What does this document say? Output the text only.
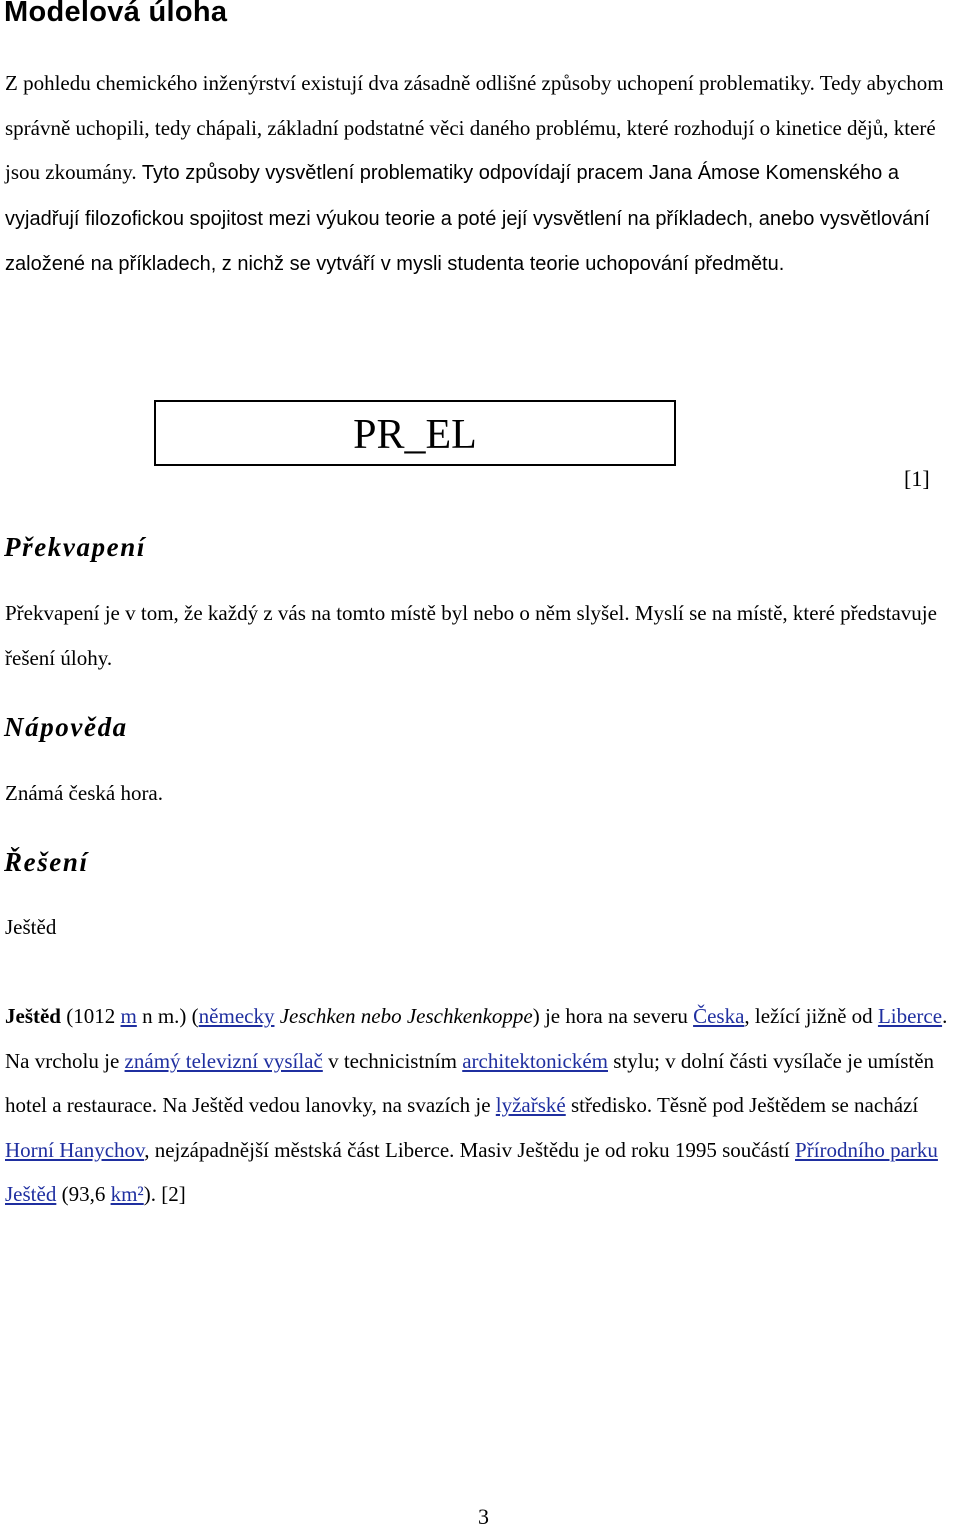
Modelová úloha

Z pohledu chemického inženýrství existují dva zásadně odlišné způsoby uchopení problematiky. Tedy abychom správně uchopili, tedy chápali, základní podstatné věci daného problému, které rozhodují o kinetice dějů, které jsou zkoumány. Tyto způsoby vysvětlení problematiky odpovídají pracem Jana Ámose Komenského a vyjadřují filozofickou spojitost mezi výukou teorie a poté její vysvětlení na příkladech, anebo vysvětlování založené na příkladech, z nichž se vytváří v mysli studenta teorie uchopování předmětu.

PR_EL
[1]
Překvapení

Překvapení je v tom, že každý z vás na tomto místě byl nebo o něm slyšel. Myslí se na místě, které představuje řešení úlohy.

Nápověda

Známá česká hora.

Řešení

Ještěd

Ještěd (1012 m n m.) (německy Jeschken nebo Jeschkenkoppe) je hora na severu Česka, ležící jižně od Liberce. Na vrcholu je známý televizní vysílač v technicistním architektonickém stylu; v dolní části vysílače je umístěn hotel a restaurace. Na Ještěd vedou lanovky, na svazích je lyžařské středisko. Těsně pod Ještědem se nachází Horní Hanychov, nejzápadnější městská část Liberce. Masiv Ještědu je od roku 1995 součástí Přírodního parku Ještěd (93,6 km²). [2]

3
